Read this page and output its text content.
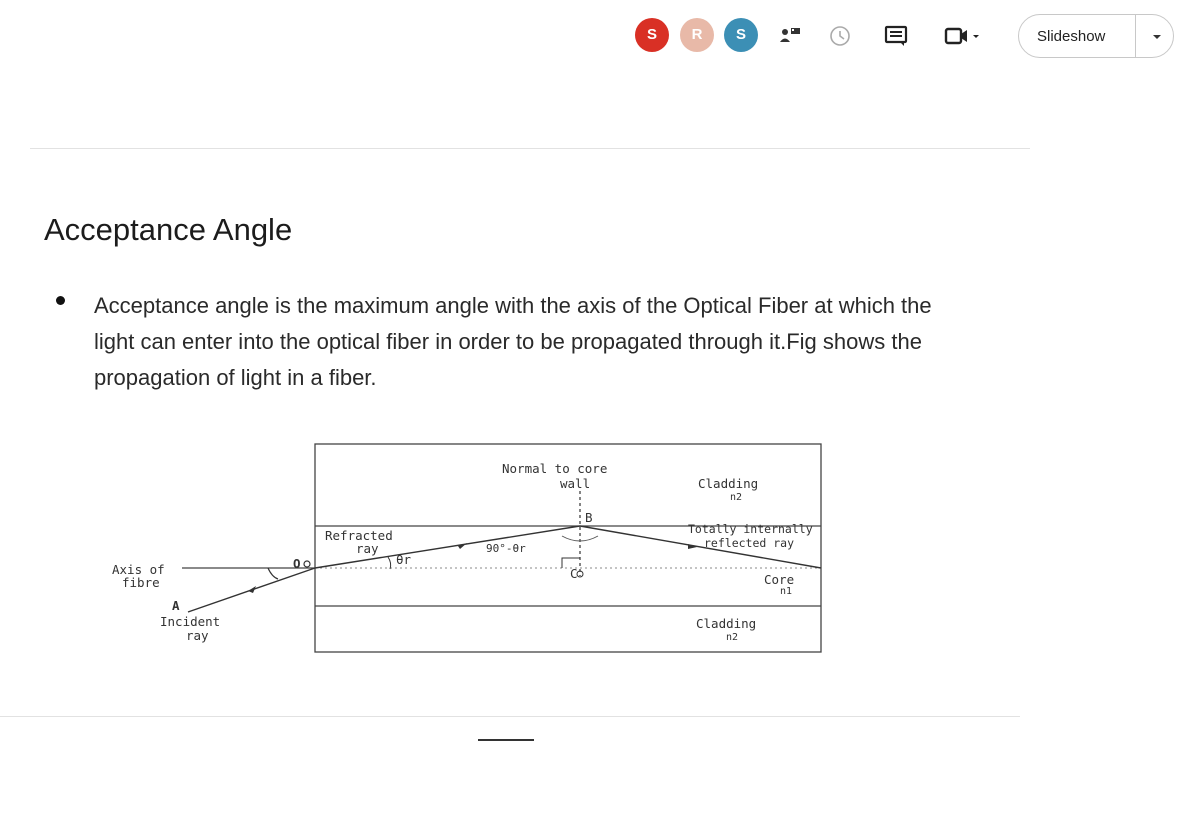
S	R	S	Slideshow
Acceptance Angle
Acceptance angle is the maximum angle with the axis of the Optical Fiber at which the light can enter into the optical fiber in order to be propagated through it.Fig shows the propagation of light in a fiber.
Normal to core
wall	Cladding
n2
Totally internally
reflected ray
Refracted
ray
θr
90°-θr
B
C
O
A
Axis of
fibre
Incident
ray
Core
n1
Cladding
n2
